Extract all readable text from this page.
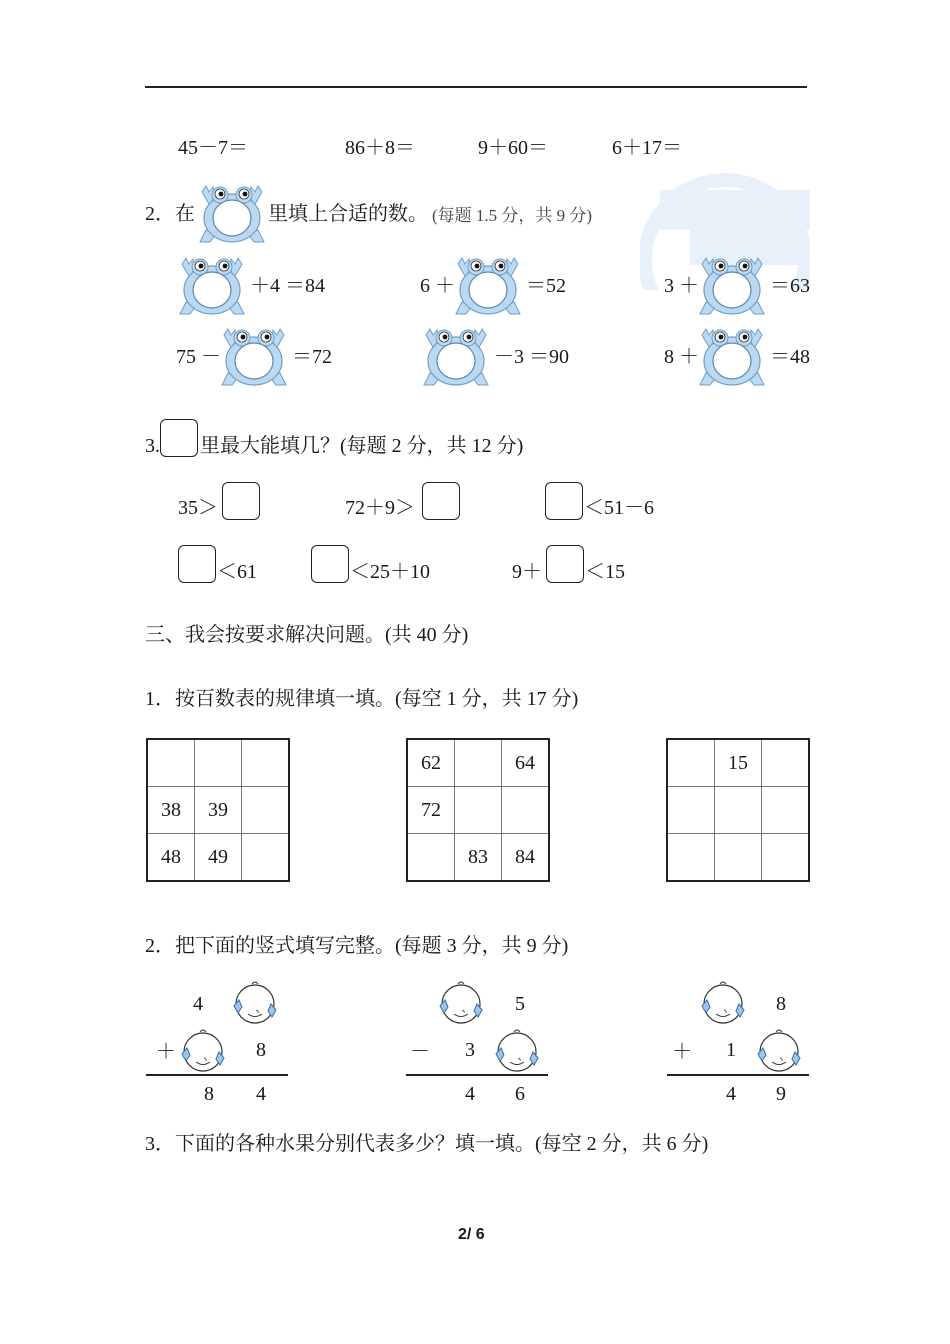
45－7＝	86＋8＝	9＋60＝	6＋17＝
2．在	里填上合适的数。 (每题 1.5 分，共 9 分)
＋4 ＝84	6 ＋	＝52	3 ＋	＝63
75 －	＝72	－3 ＝90	8 ＋	＝48
3. 里最大能填几？(每题 2 分，共 12 分)
35＞	72＋9＞	＜51－6
＜61	＜25＋10	9＋ ＜15
三、我会按要求解决问题。(共 40 分)
1．按百数表的规律填一填。(每空 1 分，共 17 分)

38	39	
48	49	
62		64
72		
	83	84
	15	

2．把下面的竖式填写完整。(每题 3 分，共 9 分)
4
＋	8
8 4
5
－ 3
4 6
8
＋ 1
4 9
3．下面的各种水果分别代表多少？填一填。(每空 2 分，共 6 分)
2/ 6
